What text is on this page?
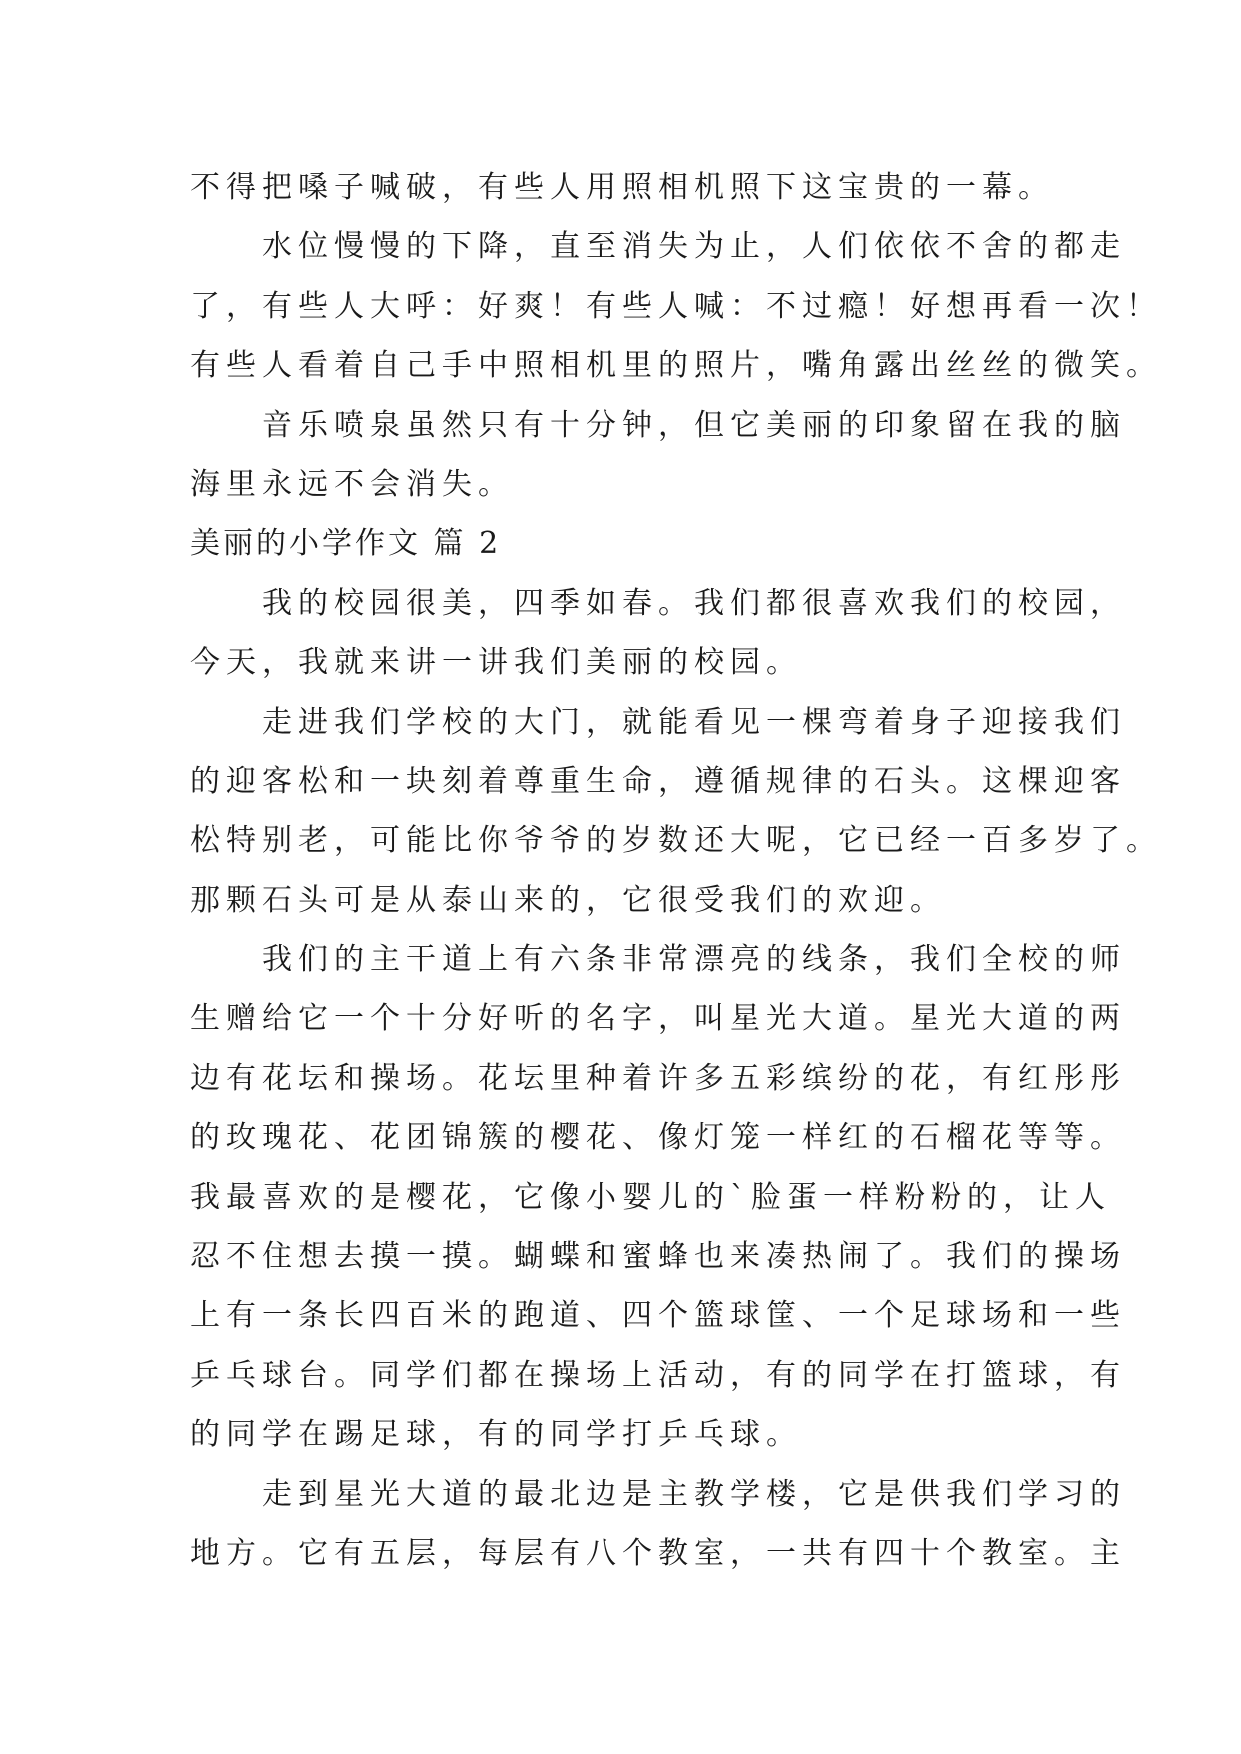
不得把嗓子喊破，有些人用照相机照下这宝贵的一幕。
水位慢慢的下降，直至消失为止，人们依依不舍的都走
了，有些人大呼：好爽！有些人喊：不过瘾！好想再看一次！
有些人看着自己手中照相机里的照片，嘴角露出丝丝的微笑。
音乐喷泉虽然只有十分钟，但它美丽的印象留在我的脑
海里永远不会消失。
美丽的小学作文 篇 2
我的校园很美，四季如春。我们都很喜欢我们的校园，
今天，我就来讲一讲我们美丽的校园。
走进我们学校的大门，就能看见一棵弯着身子迎接我们
的迎客松和一块刻着尊重生命，遵循规律的石头。这棵迎客
松特别老，可能比你爷爷的岁数还大呢，它已经一百多岁了。
那颗石头可是从泰山来的，它很受我们的欢迎。
我们的主干道上有六条非常漂亮的线条，我们全校的师
生赠给它一个十分好听的名字，叫星光大道。星光大道的两
边有花坛和操场。花坛里种着许多五彩缤纷的花，有红彤彤
的玫瑰花、花团锦簇的樱花、像灯笼一样红的石榴花等等。
我最喜欢的是樱花，它像小婴儿的`脸蛋一样粉粉的，让人
忍不住想去摸一摸。蝴蝶和蜜蜂也来凑热闹了。我们的操场
上有一条长四百米的跑道、四个篮球筐、一个足球场和一些
乒乓球台。同学们都在操场上活动，有的同学在打篮球，有
的同学在踢足球，有的同学打乒乓球。
走到星光大道的最北边是主教学楼，它是供我们学习的
地方。它有五层，每层有八个教室，一共有四十个教室。主
